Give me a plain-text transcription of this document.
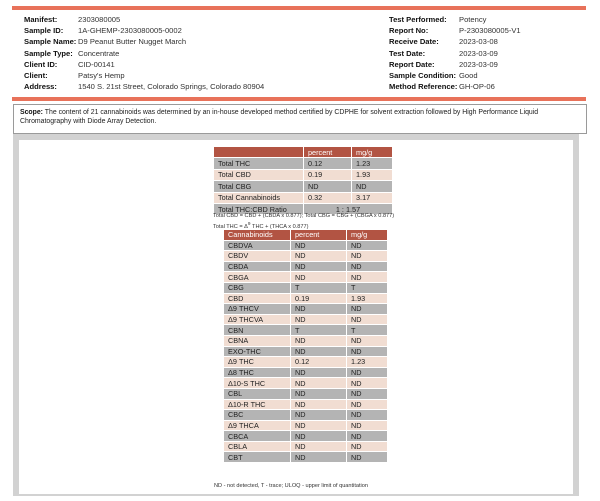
Manifest:	2303080005
Sample ID:	1A-GHEMP-2303080005-0002
Sample Name: D9 Peanut Butter Nugget March
Sample Type: Concentrate
Client ID:	CID-00141
Client:	Patsy's Hemp
Address:	1540 S. 21st Street, Colorado Springs, Colorado 80904
Test Performed:	Potency
Report No:	P-2303080005-V1
Receive Date:	2023-03-08
Test Date:	2023-03-09
Report Date:	2023-03-09
Sample Condition: Good
Method Reference: GH-OP-06
Scope: The content of 21 cannabinoids was determined by an in-house developed method certified by CDPHE for solvent extraction followed by High Performance Liquid Chromatography with Diode Array Detection.
	percent	mg/g
Total THC	0.12	1.23
Total CBD	0.19	1.93
Total CBG	ND	ND
Total Cannabinoids	0.32	3.17
Total THC:CBD Ratio	1 : 1.57	
Total CBD = CBD + (CBDA x 0.877); Total CBG = CBG + (CBGA x 0.877)
Total THC = $\Delta^9$ THC + (THCA x 0.877)
Cannabinoids	percent	mg/g
CBDVA	ND	ND
CBDV	ND	ND
CBDA	ND	ND
CBGA	ND	ND
CBG	T	T
CBD	0.19	1.93
Δ9 THCV	ND	ND
Δ9 THCVA	ND	ND
CBN	T	T
CBNA	ND	ND
EXO-THC	ND	ND
Δ9 THC	0.12	1.23
Δ8 THC	ND	ND
Δ10-S THC	ND	ND
CBL	ND	ND
Δ10-R THC	ND	ND
CBC	ND	ND
Δ9 THCA	ND	ND
CBCA	ND	ND
CBLA	ND	ND
CBT	ND	ND
ND - not detected, T - trace; ULOQ - upper limit of quantitation
